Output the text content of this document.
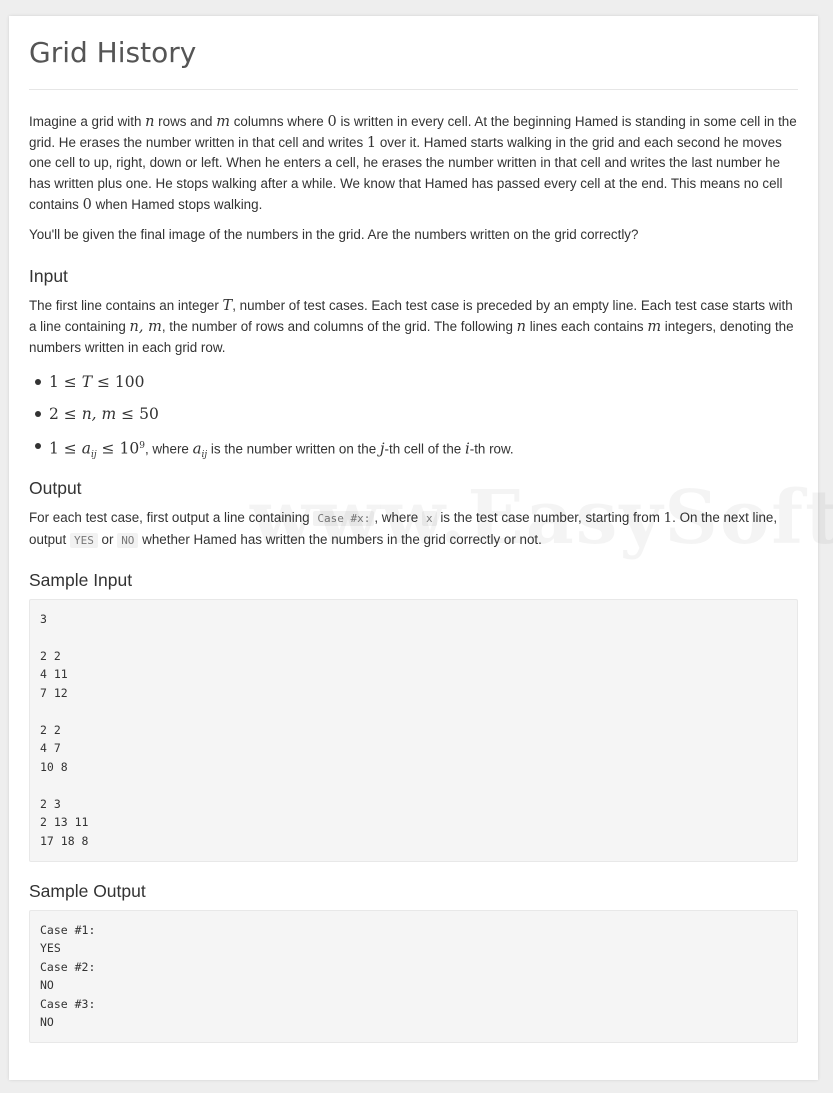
Grid History

Imagine a grid with n rows and m columns where 0 is written in every cell. At the beginning Hamed is standing in some cell in the grid. He erases the number written in that cell and writes 1 over it. Hamed starts walking in the grid and each second he moves one cell to up, right, down or left. When he enters a cell, he erases the number written in that cell and writes the last number he has written plus one. He stops walking after a while. We know that Hamed has passed every cell at the end. This means no cell contains 0 when Hamed stops walking.

You'll be given the final image of the numbers in the grid. Are the numbers written on the grid correctly?

Input

The first line contains an integer T, number of test cases. Each test case is preceded by an empty line. Each test case starts with a line containing n, m, the number of rows and columns of the grid. The following n lines each contains m integers, denoting the numbers written in each grid row.

1 ≤ T ≤ 100
2 ≤ n, m ≤ 50
$1 \le a_{ij} \le 10^9$, where $a_{ij}$ is the number written on the j-th cell of the i-th row.
Output

For each test case, first output a line containing Case #x: , where x is the test case number, starting from 1. On the next line, output YES or NO whether Hamed has written the numbers in the grid correctly or not.

Sample Input
3

2 2
4 11
7 12

2 2
4 7
10 8

2 3
2 13 11
17 18 8
Sample Output
Case #1:
YES
Case #2:
NO
Case #3:
NO
